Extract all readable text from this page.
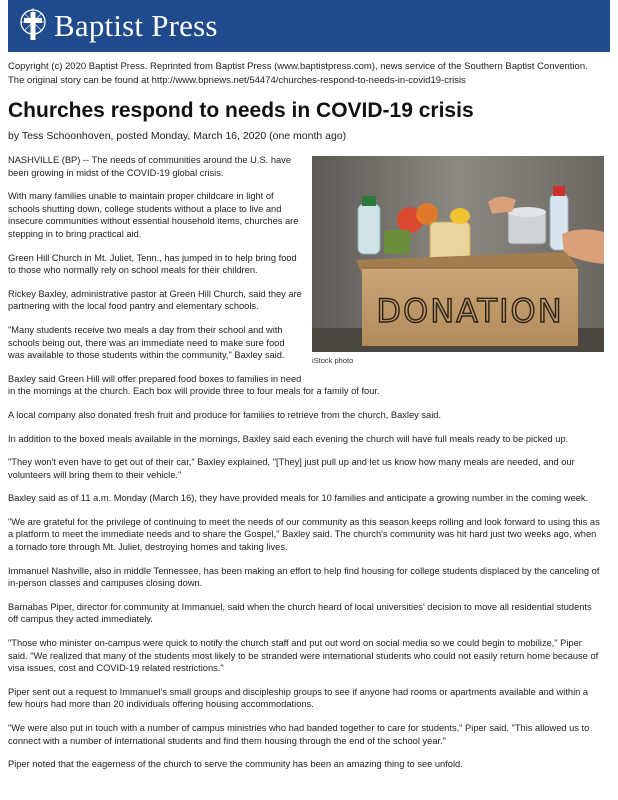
Baptist Press

Copyright (c) 2020 Baptist Press. Reprinted from Baptist Press (www.baptistpress.com), news service of the Southern Baptist Convention.

The original story can be found at http://www.bpnews.net/54474/churches-respond-to-needs-in-covid19-crisis

Churches respond to needs in COVID-19 crisis
by Tess Schoonhoven, posted Monday, March 16, 2020 (one month ago)
DONATION
iStock photo

NASHVILLE (BP) -- The needs of communities around the U.S. have been growing in midst of the COVID-19 global crisis.

With many families unable to maintain proper childcare in light of schools shutting down, college students without a place to live and insecure communities without essential household items, churches are stepping in to bring practical aid.

Green Hill Church in Mt. Juliet, Tenn., has jumped in to help bring food to those who normally rely on school meals for their children.

Rickey Baxley, administrative pastor at Green Hill Church, said they are partnering with the local food pantry and elementary schools.

"Many students receive two meals a day from their school and with schools being out, there was an immediate need to make sure food was available to those students within the community," Baxley said.

Baxley said Green Hill will offer prepared food boxes to families in need in the mornings at the church. Each box will provide three to four meals for a family of four.

A local company also donated fresh fruit and produce for families to retrieve from the church, Baxley said.

In addition to the boxed meals available in the mornings, Baxley said each evening the church will have full meals ready to be picked up.

"They won't even have to get out of their car," Baxley explained, "[They] just pull up and let us know how many meals are needed, and our volunteers will bring them to their vehicle."

Baxley said as of 11 a.m. Monday (March 16), they have provided meals for 10 families and anticipate a growing number in the coming week.

"We are grateful for the privilege of continuing to meet the needs of our community as this season keeps rolling and look forward to using this as a platform to meet the immediate needs and to share the Gospel," Baxley said. The church's community was hit hard just two weeks ago, when a tornado tore through Mt. Juliet, destroying homes and taking lives.

Immanuel Nashville, also in middle Tennessee, has been making an effort to help find housing for college students displaced by the canceling of in-person classes and campuses closing down.

Barnabas Piper, director for community at Immanuel, said when the church heard of local universities' decision to move all residential students off campus they acted immediately.

"Those who minister on-campus were quick to notify the church staff and put out word on social media so we could begin to mobilize," Piper said. "We realized that many of the students most likely to be stranded were international students who could not easily return home because of visa issues, cost and COVID-19 related restrictions."

Piper sent out a request to Immanuel's small groups and discipleship groups to see if anyone had rooms or apartments available and within a few hours had more than 20 individuals offering housing accommodations.

"We were also put in touch with a number of campus ministries who had banded together to care for students," Piper said. "This allowed us to connect with a number of international students and find them housing through the end of the school year."

Piper noted that the eagerness of the church to serve the community has been an amazing thing to see unfold.
